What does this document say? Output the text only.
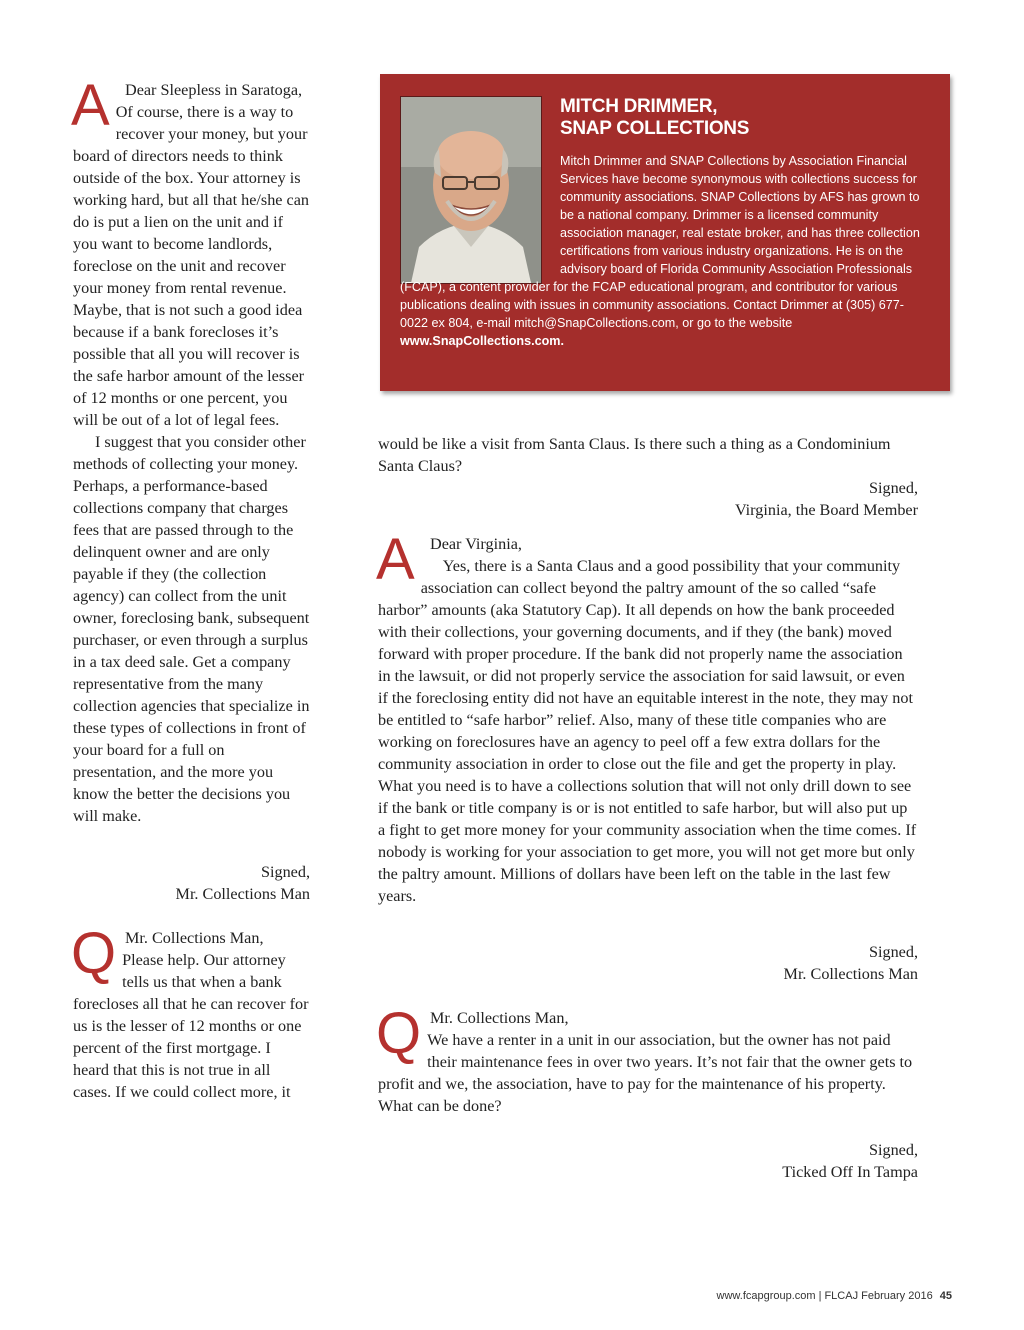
A Dear Sleepless in Saratoga,

Of course, there is a way to recover your money, but your board of directors needs to think outside of the box. Your attorney is working hard, but all that he/she can do is put a lien on the unit and if you want to become landlords, foreclose on the unit and recover your money from rental revenue. Maybe, that is not such a good idea because if a bank forecloses it’s possible that all you will recover is the safe harbor amount of the lesser of 12 months or one percent, you will be out of a lot of legal fees.

I suggest that you consider other methods of collecting your money. Perhaps, a performance-based collections company that charges fees that are passed through to the delinquent owner and are only payable if they (the collection agency) can collect from the unit owner, foreclosing bank, subsequent purchaser, or even through a surplus in a tax deed sale. Get a company representative from the many collection agencies that specialize in these types of collections in front of your board for a full on presentation, and the more you know the better the decisions you will make.

Signed,

Mr. Collections Man

Q Mr. Collections Man,

Please help. Our attorney tells us that when a bank forecloses all that he can recover for us is the lesser of 12 months or one percent of the first mortgage. I heard that this is not true in all cases. If we could collect more, it

MITCH DRIMMER,
SNAP COLLECTIONS
Mitch Drimmer and SNAP Collections by Association Financial Services have become synonymous with collections success for community associations. SNAP Collections by AFS has grown to be a national company. Drimmer is a licensed community association manager, real estate broker, and has three collection certifications from various industry organizations. He is on the advisory board of Florida Community Association Professionals (FCAP), a content provider for the FCAP educational program, and contributor for various publications dealing with issues in community associations. Contact Drimmer at (305) 677-0022 ex 804, e-mail mitch@SnapCollections.com, or go to the website www.SnapCollections.com.

would be like a visit from Santa Claus. Is there such a thing as a Condominium Santa Claus?

Signed,

Virginia, the Board Member

A Dear Virginia,

Yes, there is a Santa Claus and a good possibility that your community association can collect beyond the paltry amount of the so called “safe harbor” amounts (aka Statutory Cap). It all depends on how the bank proceeded with their collections, your governing documents, and if they (the bank) moved forward with proper procedure. If the bank did not properly name the association in the lawsuit, or did not properly service the association for said lawsuit, or even if the foreclosing entity did not have an equitable interest in the note, they may not be entitled to “safe harbor” relief. Also, many of these title companies who are working on foreclosures have an agency to peel off a few extra dollars for the community association in order to close out the file and get the property in play. What you need is to have a collections solution that will not only drill down to see if the bank or title company is or is not entitled to safe harbor, but will also put up a fight to get more money for your community association when the time comes. If nobody is working for your association to get more, you will not get more but only the paltry amount. Millions of dollars have been left on the table in the last few years.

Signed,

Mr. Collections Man

Q Mr. Collections Man,

We have a renter in a unit in our association, but the owner has not paid their maintenance fees in over two years. It’s not fair that the owner gets to profit and we, the association, have to pay for the maintenance of his property. What can be done?

Signed,

Ticked Off In Tampa

www.fcapgroup.com | FLCAJ February 2016 45
